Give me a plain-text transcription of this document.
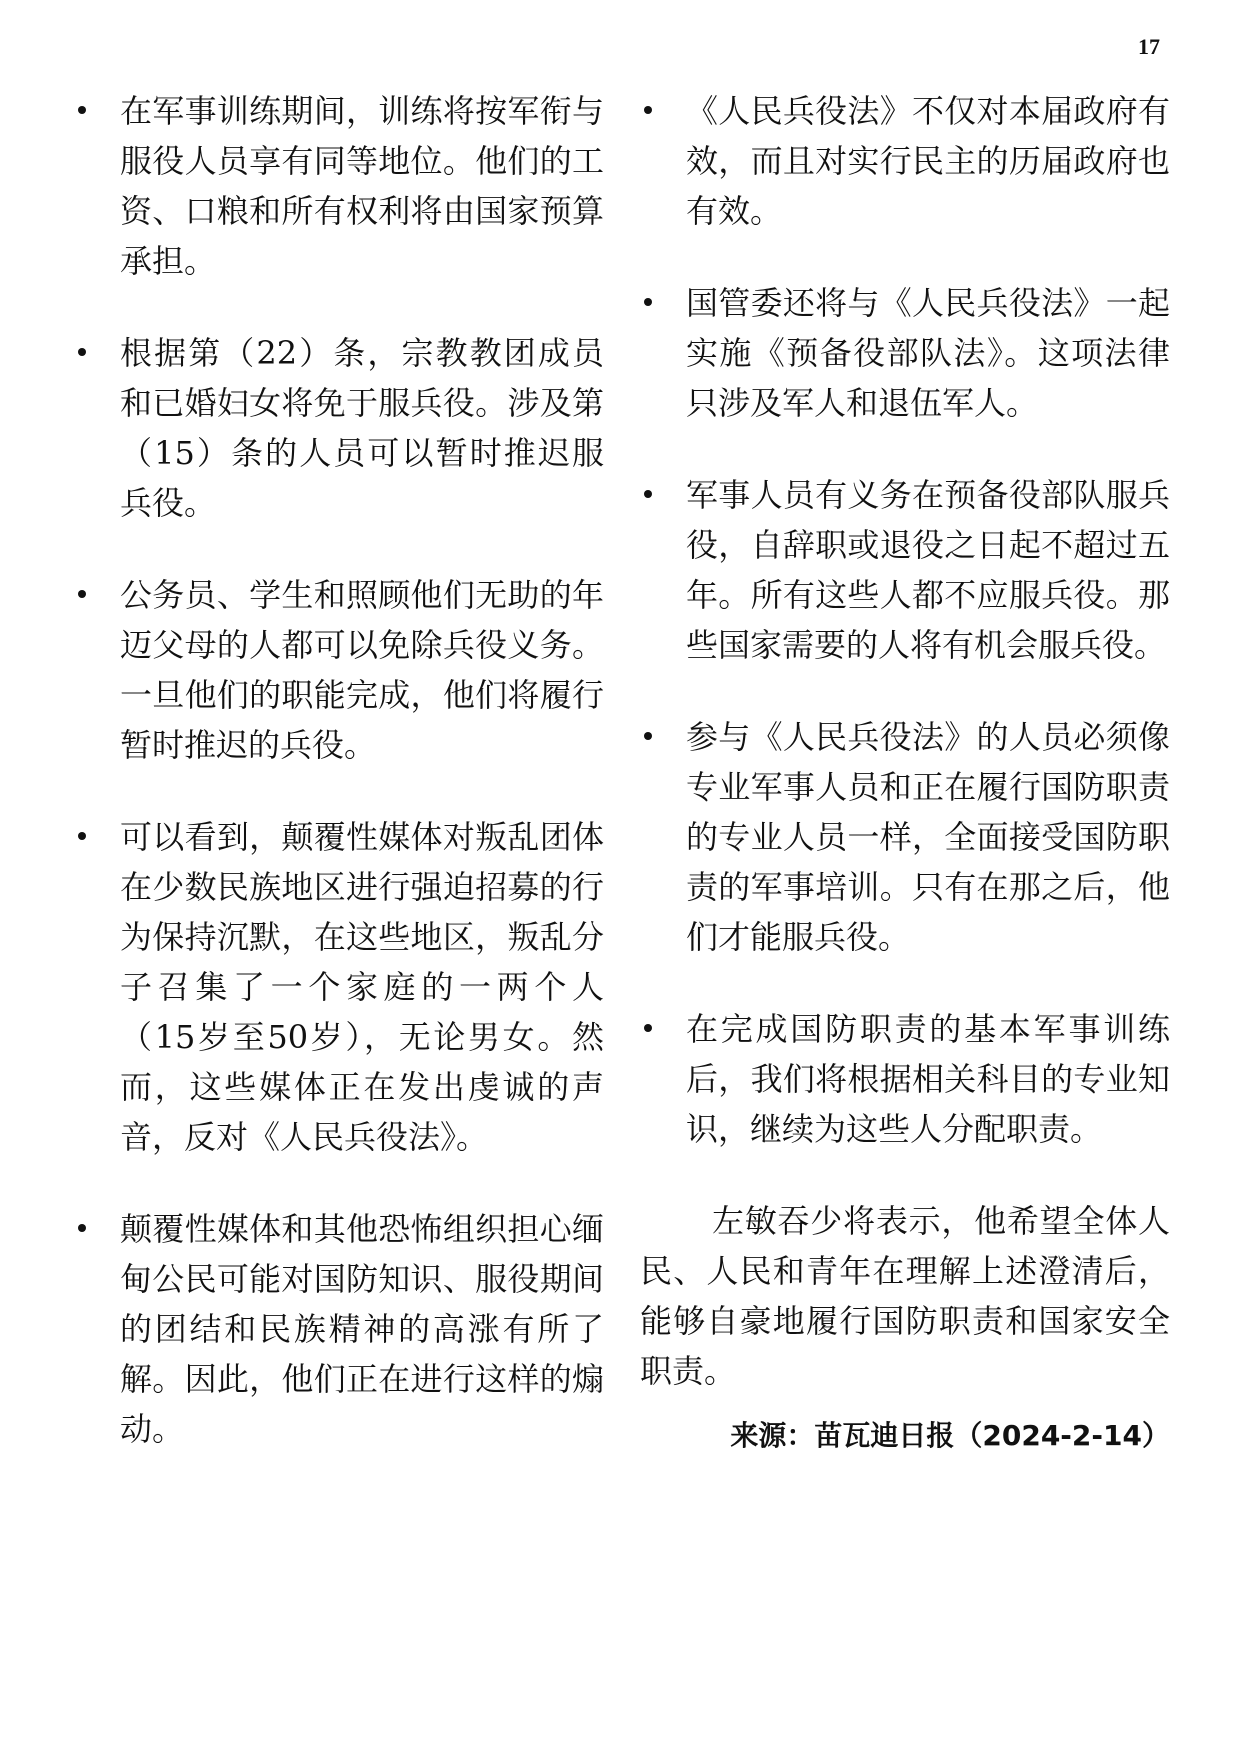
17
在军事训练期间，训练将按军衔与服役人员享有同等地位。他们的工资、口粮和所有权利将由国家预算承担。
根据第（22）条，宗教教团成员和已婚妇女将免于服兵役。涉及第（15）条的人员可以暂时推迟服兵役。
公务员、学生和照顾他们无助的年迈父母的人都可以免除兵役义务。一旦他们的职能完成，他们将履行暂时推迟的兵役。
可以看到，颠覆性媒体对叛乱团体在少数民族地区进行强迫招募的行为保持沉默，在这些地区，叛乱分子召集了一个家庭的一两个人（15岁至50岁），无论男女。然而，这些媒体正在发出虔诚的声音，反对《人民兵役法》。
颠覆性媒体和其他恐怖组织担心缅甸公民可能对国防知识、服役期间的团结和民族精神的高涨有所了解。因此，他们正在进行这样的煽动。
《人民兵役法》不仅对本届政府有效，而且对实行民主的历届政府也有效。
国管委还将与《人民兵役法》一起实施《预备役部队法》。这项法律只涉及军人和退伍军人。
军事人员有义务在预备役部队服兵役，自辞职或退役之日起不超过五年。所有这些人都不应服兵役。那些国家需要的人将有机会服兵役。
参与《人民兵役法》的人员必须像专业军事人员和正在履行国防职责的专业人员一样，全面接受国防职责的军事培训。只有在那之后，他们才能服兵役。
在完成国防职责的基本军事训练后，我们将根据相关科目的专业知识，继续为这些人分配职责。

左敏吞少将表示，他希望全体人民、人民和青年在理解上述澄清后，能够自豪地履行国防职责和国家安全职责。

来源：苗瓦迪日报（2024-2-14）
